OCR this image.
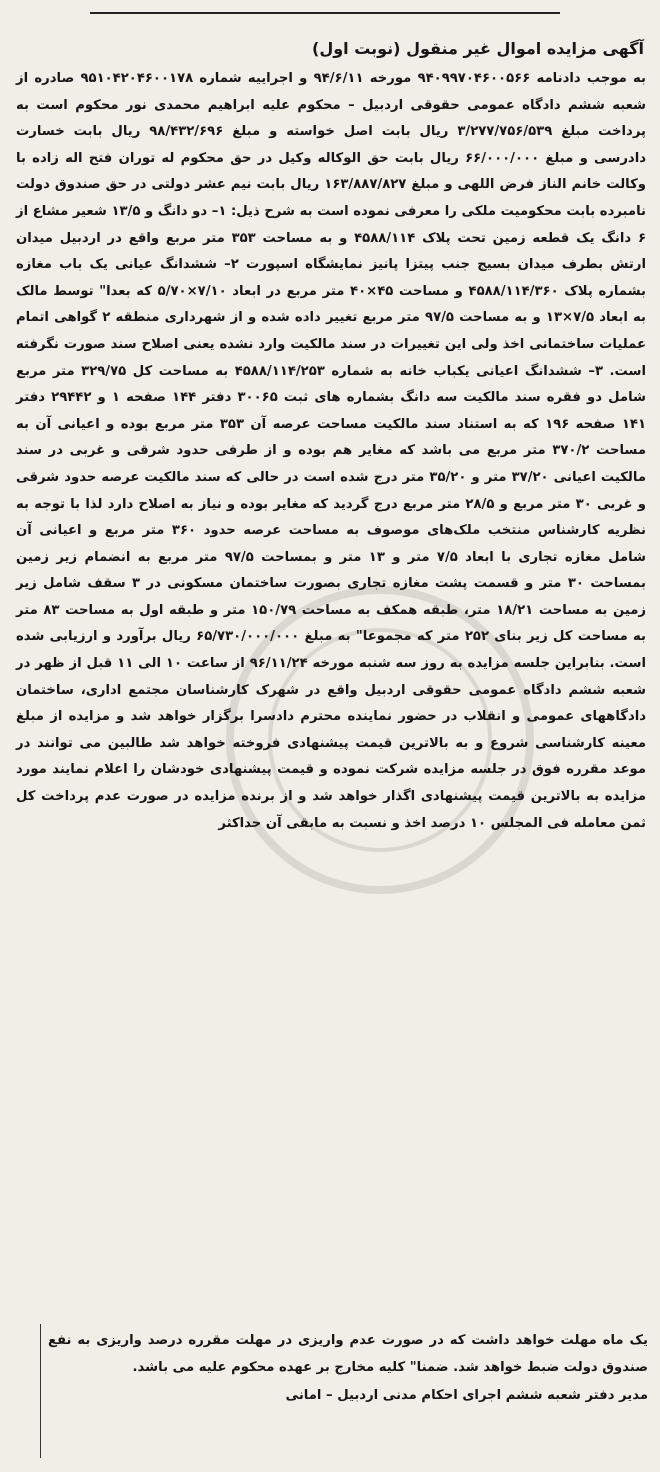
آگهی مزایده اموال غیر منقول (نوبت اول)

به موجب دادنامه ۹۴۰۹۹۷۰۴۶۰۰۵۶۶ مورخه ۹۴/۶/۱۱ و اجراییه شماره ۹۵۱۰۴۲۰۴۶۰۰۱۷۸ صادره از شعبه ششم دادگاه عمومی حقوقی اردبیل – محکوم علیه ابراهیم محمدی نور محکوم است به پرداخت مبلغ ۳/۲۷۷/۷۵۶/۵۳۹ ریال بابت اصل خواسته و مبلغ ۹۸/۴۳۲/۶۹۶ ریال بابت خسارت دادرسی و مبلغ ۶۶/۰۰۰/۰۰۰ ریال بابت حق الوکاله وکیل در حق محکوم له توران فتح اله زاده با وکالت خانم الناز فرض اللهی و مبلغ ۱۶۳/۸۸۷/۸۲۷ ریال بابت نیم عشر دولتی در حق صندوق دولت نامبرده بابت محکومیت ملکی را معرفی نموده است به شرح ذیل: ۱– دو دانگ و ۱۳/۵ شعیر مشاع از ۶ دانگ یک قطعه زمین تحت پلاک ۴۵۸۸/۱۱۴ و به مساحت ۳۵۳ متر مربع واقع در اردبیل میدان ارتش بطرف میدان بسیج جنب پیتزا پانیز نمایشگاه اسپورت ۲– ششدانگ عیانی یک باب مغازه بشماره پلاک ۴۵۸۸/۱۱۴/۳۶۰ و مساحت ۴۵×۴۰ متر مربع در ابعاد ۷/۱۰×۵/۷۰ که بعدا" توسط مالک به ابعاد ۷/۵×۱۳ و به مساحت ۹۷/۵ متر مربع تغییر داده شده و از شهرداری منطقه ۲ گواهی اتمام عملیات ساختمانی اخذ ولی این تغییرات در سند مالکیت وارد نشده یعنی اصلاح سند صورت نگرفته است. ۳– ششدانگ اعیانی یکباب خانه به شماره ۴۵۸۸/۱۱۴/۲۵۳ به مساحت کل ۳۲۹/۷۵ متر مربع شامل دو فقره سند مالکیت سه دانگ بشماره های ثبت ۳۰۰۶۵ دفتر ۱۴۴ صفحه ۱ و ۲۹۴۴۲ دفتر ۱۴۱ صفحه ۱۹۶ که به استناد سند مالکیت مساحت عرصه آن ۳۵۳ متر مربع بوده و اعیانی آن به مساحت ۳۷۰/۲ متر مربع می باشد که مغایر هم بوده و از طرفی حدود شرقی و غربی در سند مالکیت اعیانی ۳۷/۲۰ متر و ۳۵/۲۰ متر درج شده است در حالی که سند مالکیت عرصه حدود شرقی و غربی ۳۰ متر مربع و ۲۸/۵ متر مربع درج گردید که مغایر بوده و نیاز به اصلاح دارد لذا با توجه به نظریه کارشناس منتخب ملک‌های موصوف به مساحت عرصه حدود ۳۶۰ متر مربع و اعیانی آن شامل مغازه تجاری با ابعاد ۷/۵ متر و ۱۳ متر و بمساحت ۹۷/۵ متر مربع به انضمام زیر زمین بمساحت ۳۰ متر و قسمت پشت مغازه تجاری بصورت ساختمان مسکونی در ۳ سقف شامل زیر زمین به مساحت ۱۸/۲۱ متر، طبقه همکف به مساحت ۱۵۰/۷۹ متر و طبقه اول به مساحت ۸۳ متر به مساحت کل زیر بنای ۲۵۲ متر که مجموعا" به مبلغ ۶۵/۷۳۰/۰۰۰/۰۰۰ ریال برآورد و ارزیابی شده است. بنابراین جلسه مزایده به روز سه شنبه مورخه ۹۶/۱۱/۲۴ از ساعت ۱۰ الی ۱۱ قبل از ظهر در شعبه ششم دادگاه عمومی حقوقی اردبیل واقع در شهرک کارشناسان مجتمع اداری، ساختمان دادگاههای عمومی و انقلاب در حضور نماینده محترم دادسرا برگزار خواهد شد و مزایده از مبلغ معینه کارشناسی شروع و به بالاترین قیمت پیشنهادی فروخته خواهد شد طالبین می توانند در موعد مقرره فوق در جلسه مزایده شرکت نموده و قیمت پیشنهادی خودشان را اعلام نمایند مورد مزایده به بالاترین قیمت پیشنهادی اگذار خواهد شد و از برنده مزایده در صورت عدم پرداخت کل ثمن معامله فی المجلس ۱۰ درصد اخذ و نسبت به مابقی آن حداکثر

یک ماه مهلت خواهد داشت که در صورت عدم واریزی در مهلت مقرره درصد واریزی به نفع صندوق دولت ضبط خواهد شد. ضمنا" کلیه مخارج بر عهده محکوم علیه می باشد.

مدیر دفتر شعبه ششم اجرای احکام مدنی اردبیل – امانی
